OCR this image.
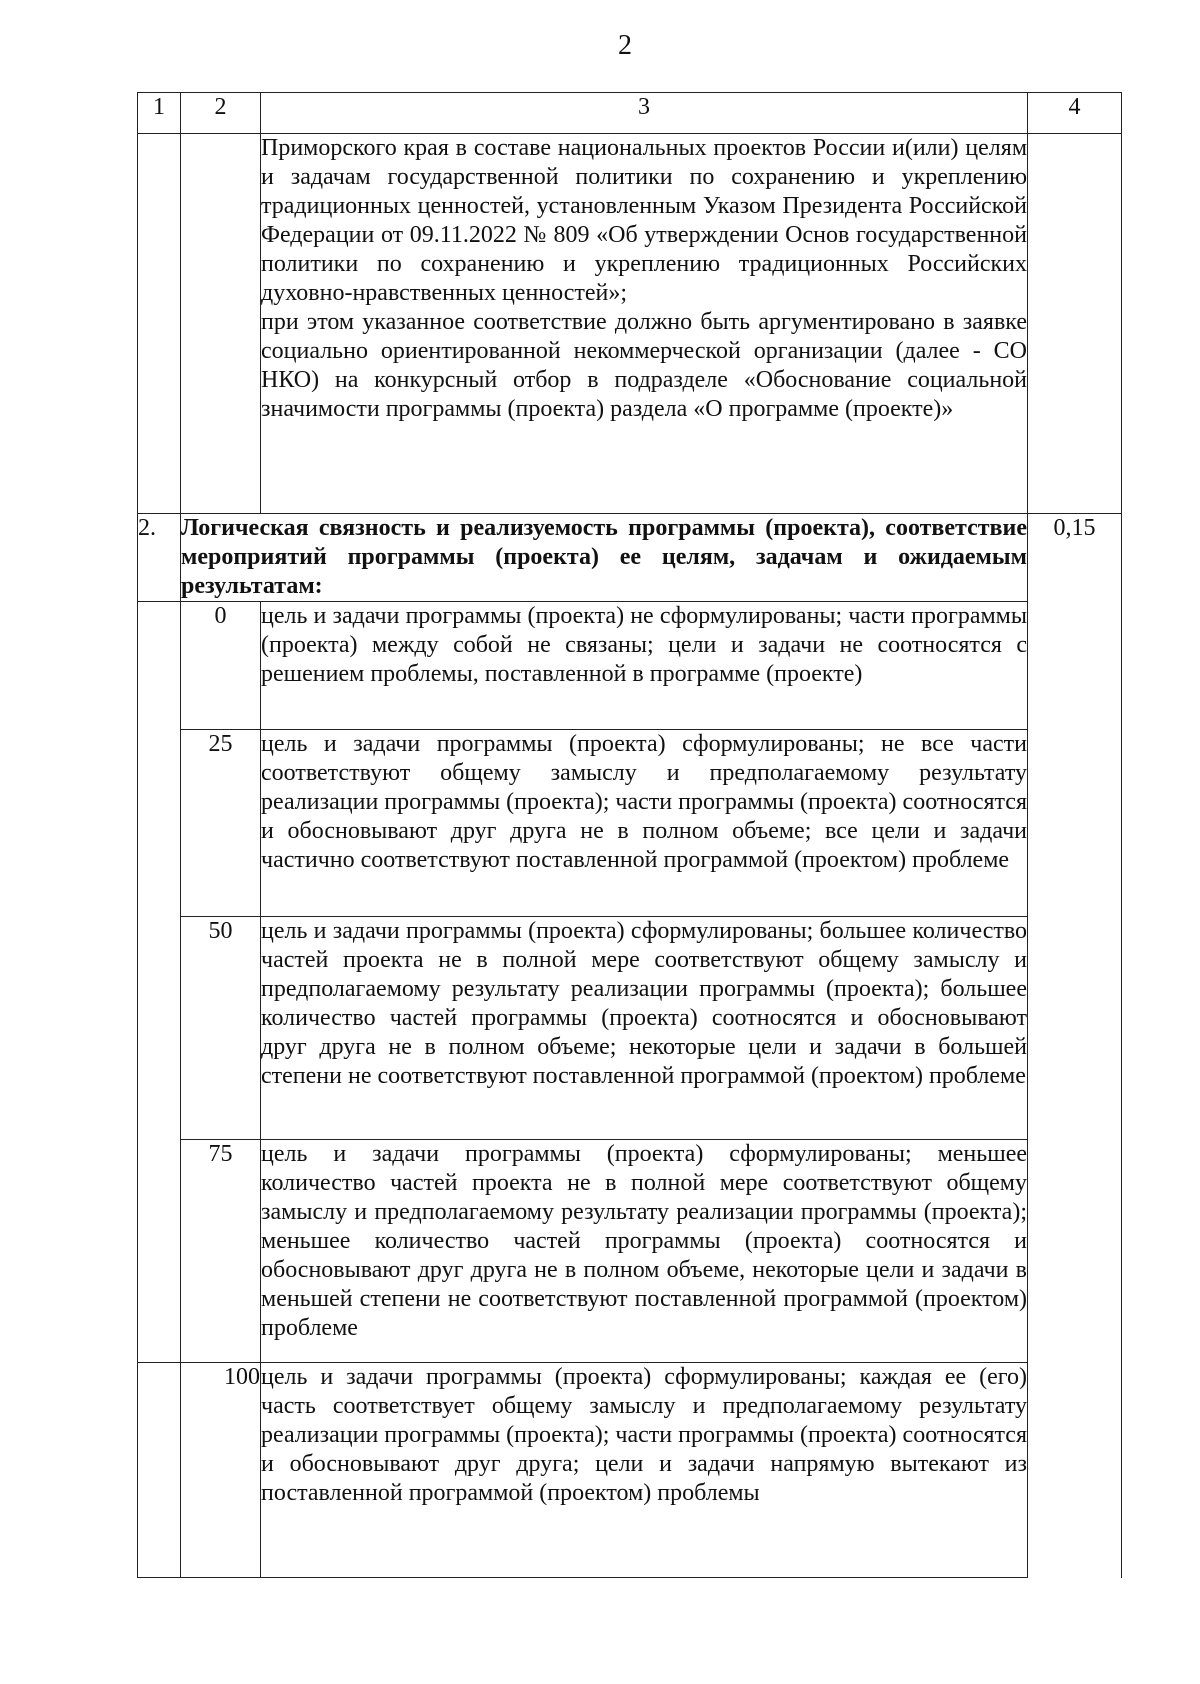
2
1	2	3	4

		Приморского края в составе национальных проектов России и(или) целям и задачам государственной политики по сохранению и укреплению традиционных ценностей, установленным Указом Президента Российской Федерации от 09.11.2022 № 809 «Об утверждении Основ государственной политики по сохранению и укреплению традиционных Российских духовно-нравственных ценностей»;

при этом указанное соответствие должно быть аргументировано в заявке социально ориентированной некоммерческой организации (далее - СО НКО) на конкурсный отбор в подразделе «Обоснование социальной значимости программы (проекта) раздела «О программе (проекте)»	

2.	Логическая связность и реализуемость программы (проекта), соответствие мероприятий программы (проекта) ее целям, задачам и ожидаемым результатам:		0,15
	0	цель и задачи программы (проекта) не сформулированы; части программы (проекта) между собой не связаны; цели и задачи не соотносятся с решением проблемы, поставленной в программе (проекте)	
	25	цель и задачи программы (проекта) сформулированы; не все части соответствуют общему замыслу и предполагаемому результату реализации программы (проекта); части программы (проекта) соотносятся и обосновывают друг друга не в полном объеме; все цели и задачи частично соответствуют поставленной программой (проектом) проблеме	
	50	цель и задачи программы (проекта) сформулированы; большее количество частей проекта не в полной мере соответствуют общему замыслу и предполагаемому результату реализации программы (проекта); большее количество частей программы (проекта) соотносятся и обосновывают друг друга не в полном объеме; некоторые цели и задачи в большей степени не соответствуют поставленной программой (проектом) проблеме	
	75	цель и задачи программы (проекта) сформулированы; меньшее количество частей проекта не в полной мере соответствуют общему замыслу и предполагаемому результату реализации программы (проекта); меньшее количество частей программы (проекта) соотносятся и обосновывают друг друга не в полном объеме, некоторые цели и задачи в меньшей степени не соответствуют поставленной программой (проектом) проблеме	
	100	цель и задачи программы (проекта) сформулированы; каждая ее (его) часть соответствует общему замыслу и предполагаемому результату реализации программы (проекта); части программы (проекта) соотносятся и обосновывают друг друга; цели и задачи напрямую вытекают из поставленной программой (проектом) проблемы	
